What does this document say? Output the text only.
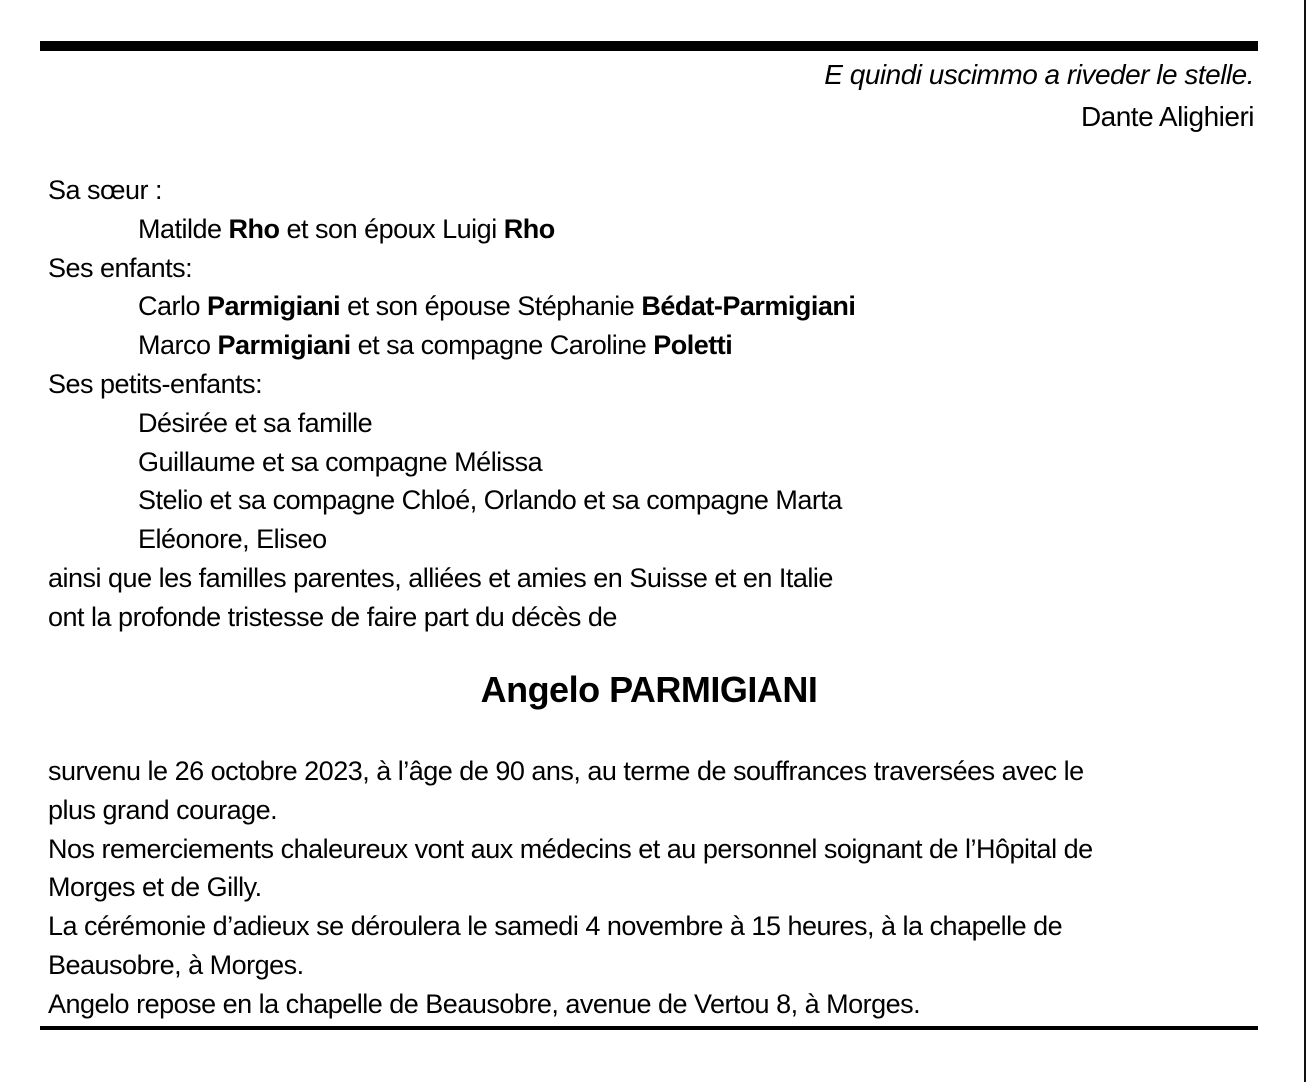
E quindi uscimmo a riveder le stelle.
Dante Alighieri
Sa sœur :
Matilde Rho et son époux Luigi Rho
Ses enfants:
Carlo Parmigiani et son épouse Stéphanie Bédat-Parmigiani
Marco Parmigiani et sa compagne Caroline Poletti
Ses petits-enfants:
Désirée et sa famille
Guillaume et sa compagne Mélissa
Stelio et sa compagne Chloé, Orlando et sa compagne Marta
Eléonore, Eliseo
ainsi que les familles parentes, alliées et amies en Suisse et en Italie
ont la profonde tristesse de faire part du décès de
Angelo PARMIGIANI
survenu le 26 octobre 2023, à l’âge de 90 ans, au terme de souffrances traversées avec le
plus grand courage.
Nos remerciements chaleureux vont aux médecins et au personnel soignant de l’Hôpital de
Morges et de Gilly.
La cérémonie d’adieux se déroulera le samedi 4 novembre à 15 heures, à la chapelle de
Beausobre, à Morges.
Angelo repose en la chapelle de Beausobre, avenue de Vertou 8, à Morges.
